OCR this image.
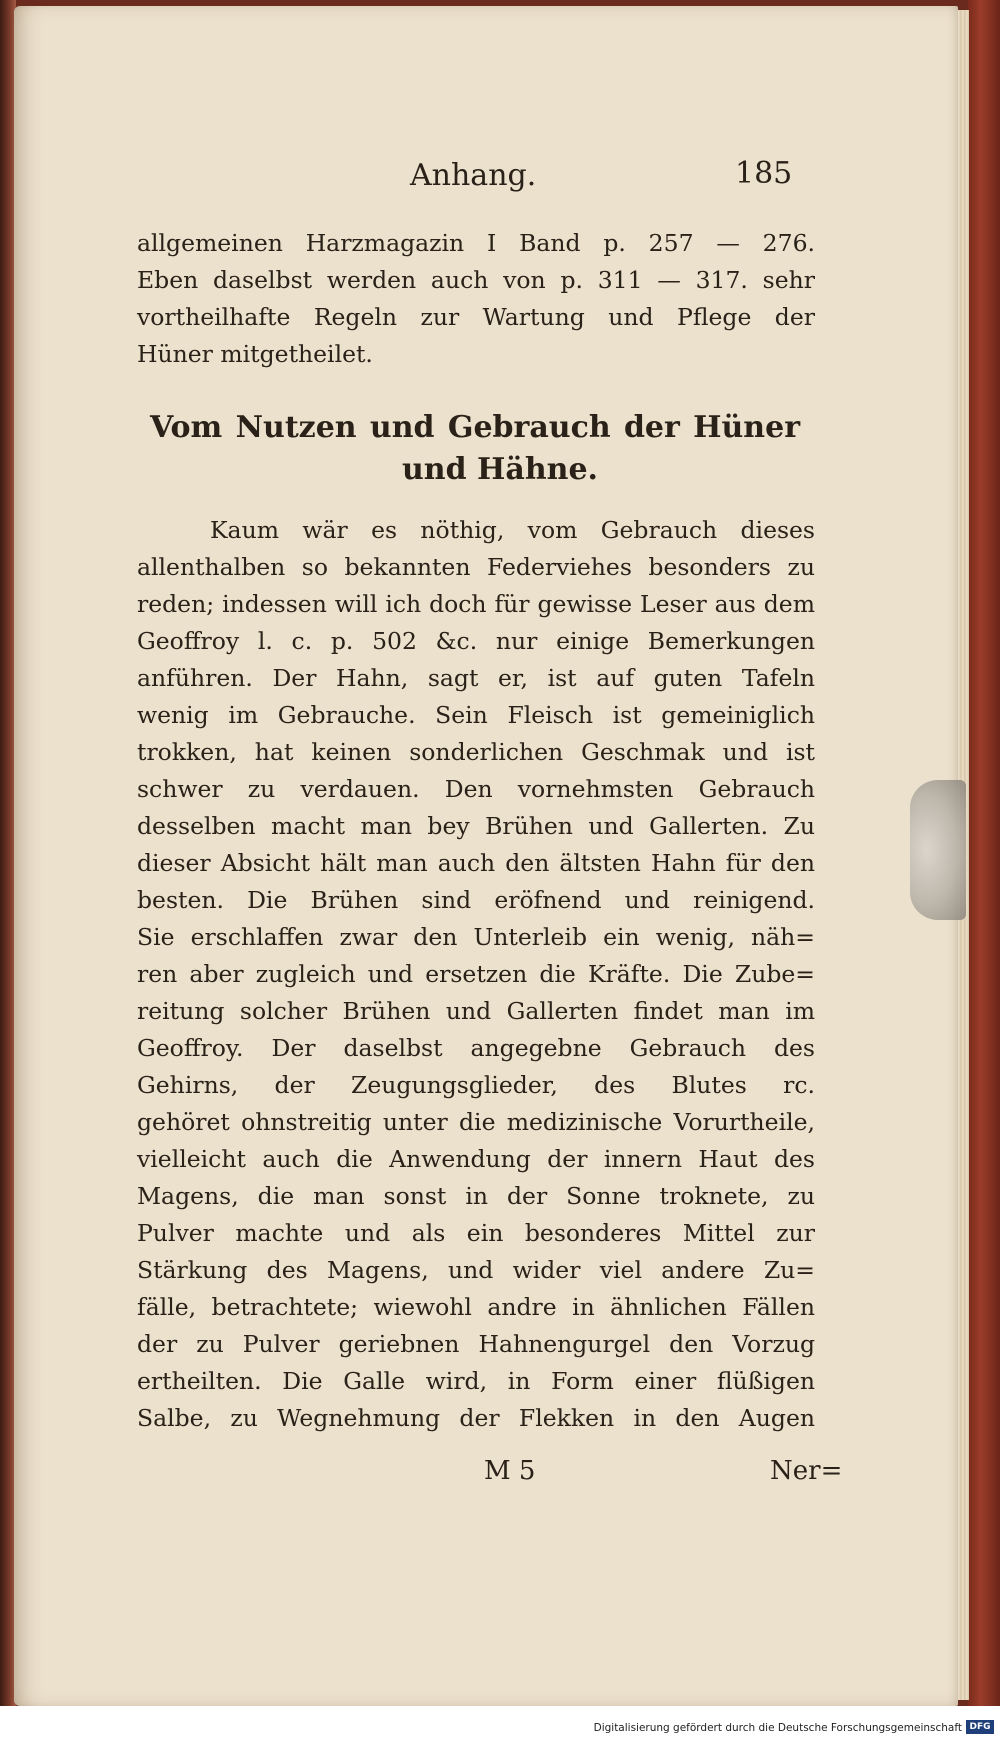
Anhang.	185
allgemeinen Harzmagazin I Band p. 257 — 276.
Eben daselbst werden auch von p. 311 — 317. sehr
vortheilhafte Regeln zur Wartung und Pflege der
Hüner mitgetheilet.
Vom Nutzen und Gebrauch der Hüner
und Hähne.
Kaum wär es nöthig, vom Gebrauch dieses
allenthalben so bekannten Federviehes besonders zu
reden; indessen will ich doch für gewisse Leser aus dem
Geoffroy l. c. p. 502 &c. nur einige Bemerkungen
anführen. Der Hahn, sagt er, ist auf guten Tafeln
wenig im Gebrauche. Sein Fleisch ist gemeiniglich
trokken, hat keinen sonderlichen Geschmak und ist
schwer zu verdauen. Den vornehmsten Gebrauch
desselben macht man bey Brühen und Gallerten. Zu
dieser Absicht hält man auch den ältsten Hahn für den
besten. Die Brühen sind eröfnend und reinigend.
Sie erschlaffen zwar den Unterleib ein wenig, näh=
ren aber zugleich und ersetzen die Kräfte. Die Zube=
reitung solcher Brühen und Gallerten findet man im
Geoffroy. Der daselbst angegebne Gebrauch des
Gehirns, der Zeugungsglieder, des Blutes rc.
gehöret ohnstreitig unter die medizinische Vorurtheile,
vielleicht auch die Anwendung der innern Haut des
Magens, die man sonst in der Sonne troknete, zu
Pulver machte und als ein besonderes Mittel zur
Stärkung des Magens, und wider viel andere Zu=
fälle, betrachtete; wiewohl andre in ähnlichen Fällen
der zu Pulver geriebnen Hahnengurgel den Vorzug
ertheilten. Die Galle wird, in Form einer flüßigen
Salbe, zu Wegnehmung der Flekken in den Augen
M 5	Ner=
Digitalisierung gefördert durch die Deutsche Forschungsgemeinschaft DFG
